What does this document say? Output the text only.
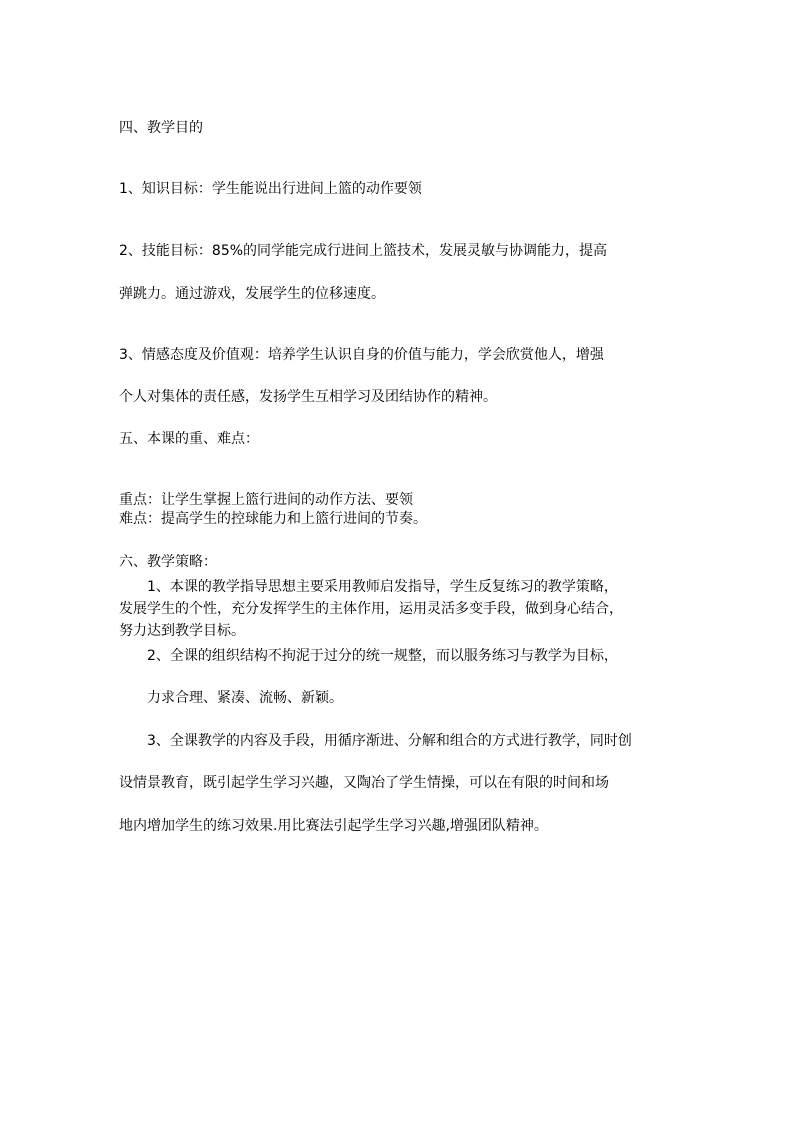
四、教学目的
1、知识目标：学生能说出行进间上篮的动作要领
2、技能目标：85%的同学能完成行进间上篮技术，发展灵敏与协调能力，提高
弹跳力。通过游戏，发展学生的位移速度。
3、情感态度及价值观：培养学生认识自身的价值与能力，学会欣赏他人，增强
个人对集体的责任感，发扬学生互相学习及团结协作的精神。
五、本课的重、难点：
重点：让学生掌握上篮行进间的动作方法、要领
难点：提高学生的控球能力和上篮行进间的节奏。
六、教学策略：
1、本课的教学指导思想主要采用教师启发指导，学生反复练习的教学策略，
发展学生的个性，充分发挥学生的主体作用，运用灵活多变手段，做到身心结合，
努力达到教学目标。
2、全课的组织结构不拘泥于过分的统一规整，而以服务练习与教学为目标，
力求合理、紧凑、流畅、新颖。
3、全课教学的内容及手段，用循序渐进、分解和组合的方式进行教学，同时创
设情景教育，既引起学生学习兴趣，又陶冶了学生情操，可以在有限的时间和场
地内增加学生的练习效果.用比赛法引起学生学习兴趣,增强团队精神。
